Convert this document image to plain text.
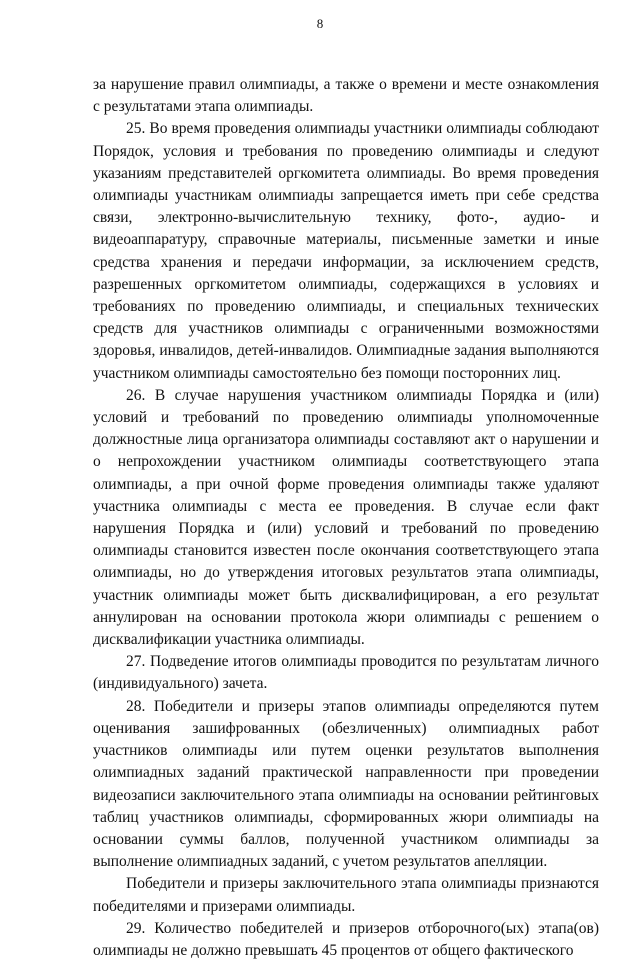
8

за нарушение правил олимпиады, а также о времени и месте ознакомления с результатами этапа олимпиады.

25. Во время проведения олимпиады участники олимпиады соблюдают Порядок, условия и требования по проведению олимпиады и следуют указаниям представителей оргкомитета олимпиады. Во время проведения олимпиады участникам олимпиады запрещается иметь при себе средства связи, электронно-вычислительную технику, фото-, аудио- и видеоаппаратуру, справочные материалы, письменные заметки и иные средства хранения и передачи информации, за исключением средств, разрешенных оргкомитетом олимпиады, содержащихся в условиях и требованиях по проведению олимпиады, и специальных технических средств для участников олимпиады с ограниченными возможностями здоровья, инвалидов, детей-инвалидов. Олимпиадные задания выполняются участником олимпиады самостоятельно без помощи посторонних лиц.

26. В случае нарушения участником олимпиады Порядка и (или) условий и требований по проведению олимпиады уполномоченные должностные лица организатора олимпиады составляют акт о нарушении и о непрохождении участником олимпиады соответствующего этапа олимпиады, а при очной форме проведения олимпиады также удаляют участника олимпиады с места ее проведения. В случае если факт нарушения Порядка и (или) условий и требований по проведению олимпиады становится известен после окончания соответствующего этапа олимпиады, но до утверждения итоговых результатов этапа олимпиады, участник олимпиады может быть дисквалифицирован, а его результат аннулирован на основании протокола жюри олимпиады с решением о дисквалификации участника олимпиады.

27. Подведение итогов олимпиады проводится по результатам личного (индивидуального) зачета.

28. Победители и призеры этапов олимпиады определяются путем оценивания зашифрованных (обезличенных) олимпиадных работ участников олимпиады или путем оценки результатов выполнения олимпиадных заданий практической направленности при проведении видеозаписи заключительного этапа олимпиады на основании рейтинговых таблиц участников олимпиады, сформированных жюри олимпиады на основании суммы баллов, полученной участником олимпиады за выполнение олимпиадных заданий, с учетом результатов апелляции.

Победители и призеры заключительного этапа олимпиады признаются победителями и призерами олимпиады.

29. Количество победителей и призеров отборочного(ых) этапа(ов) олимпиады не должно превышать 45 процентов от общего фактического
